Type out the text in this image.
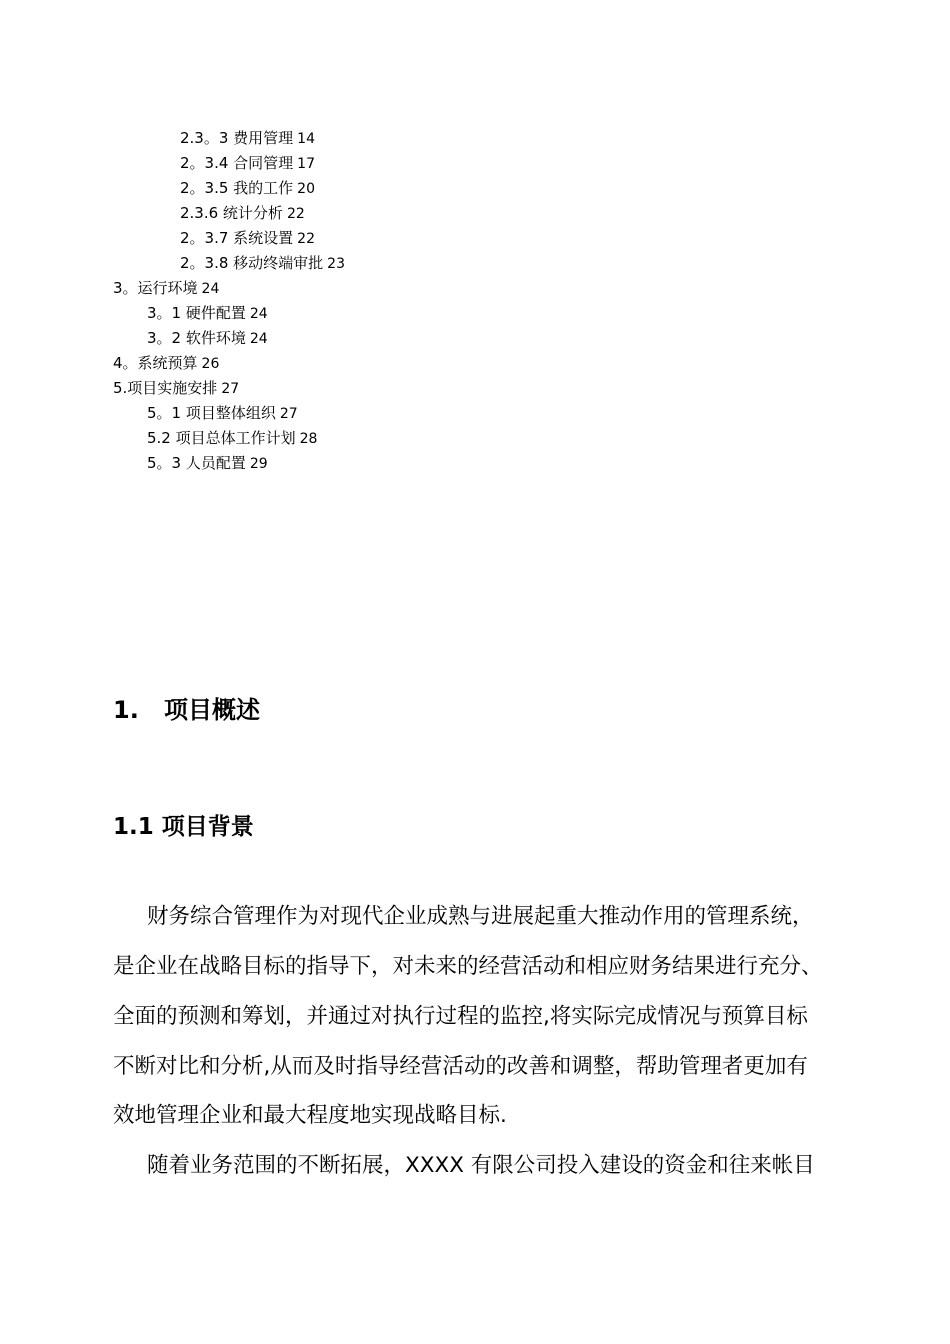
2.3。3 费用管理 14
2。3.4 合同管理 17
2。3.5 我的工作 20
2.3.6 统计分析 22
2。3.7 系统设置 22
2。3.8 移动终端审批 23
3。运行环境 24
3。1 硬件配置 24
3。2 软件环境 24
4。系统预算 26
5.项目实施安排 27
5。1 项目整体组织 27
5.2 项目总体工作计划 28
5。3 人员配置 29
1. 项目概述
1.1 项目背景
财务综合管理作为对现代企业成熟与进展起重大推动作用的管理系统，
是企业在战略目标的指导下，对未来的经营活动和相应财务结果进行充分、
全面的预测和筹划，并通过对执行过程的监控,将实际完成情况与预算目标
不断对比和分析,从而及时指导经营活动的改善和调整，帮助管理者更加有
效地管理企业和最大程度地实现战略目标.
随着业务范围的不断拓展，XXXX 有限公司投入建设的资金和往来帐目
